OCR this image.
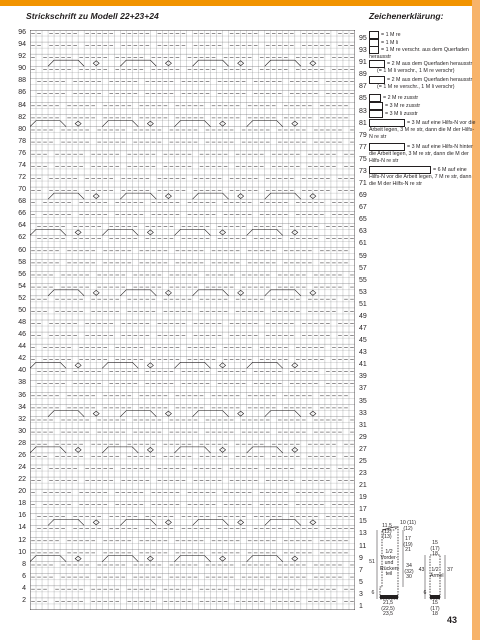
Strickschrift zu Modell 22+23+24
96
94
92
90
88
86
84
82
80
78
76
74
72
70
68
66
64
62
60
58
56
54
52
50
48
46
44
42
40
38
36
34
32
30
28
26
24
22
20
18
16
14
12
10
8
6
4
2
95
93
91
89
87
85
83
81
79
77
75
73
71
69
67
65
63
61
59
57
55
53
51
49
47
45
43
41
39
37
35
33
31
29
27
25
23
21
19
17
15
13
11
9
7
5
3
1
Zeichenerklärung:
= 1 M re
= 1 M li
= 1 M re verschr. aus dem Querfaden herausstr
= 2 M aus dem Querfaden herausstr
(= 1 M li verschr., 1 M re verschr)
= 2 M aus dem Querfaden herausstr
(= 1 M re verschr., 1 M li verschr)
= 2 M re zusstr
= 3 M re zusstr
= 3 M li zusstr
= 3 M auf eine Hilfs-N vor die Arbeit legen, 3 M re str, dann die M der Hilfs-N re str
= 3 M auf eine Hilfs-N hinter die Arbeit legen, 3 M re str, dann die M der Hilfs-N re str
= 6 M auf eine Hilfs-N vor die Arbeit legen, 7 M re str, dann die M der Hilfs-N re str
10 (11) (12)
11,5 (12) (13)	17 (19) 21
1/2 Vorder- und Rücken- teil
51
34 (32) 30
21,5 (22,5) 23,5
6
15 (17) 18
1/2 Ärmel
43	37
15 (17) 18
6
43
